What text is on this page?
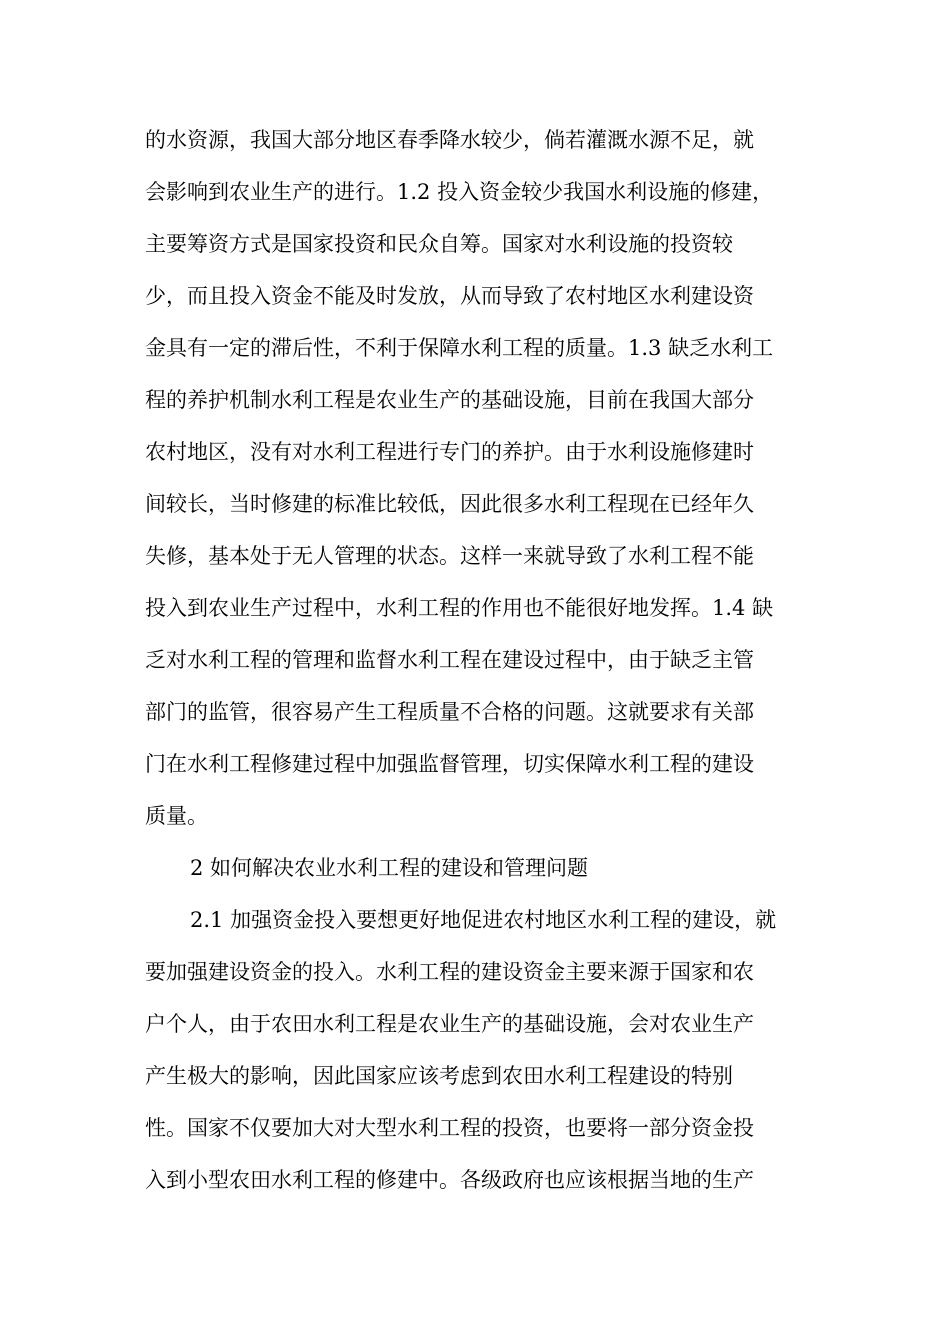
的水资源，我国大部分地区春季降水较少，倘若灌溉水源不足，就
会影响到农业生产的进行。1.2 投入资金较少我国水利设施的修建，
主要筹资方式是国家投资和民众自筹。国家对水利设施的投资较
少，而且投入资金不能及时发放，从而导致了农村地区水利建设资
金具有一定的滞后性，不利于保障水利工程的质量。1.3 缺乏水利工
程的养护机制水利工程是农业生产的基础设施，目前在我国大部分
农村地区，没有对水利工程进行专门的养护。由于水利设施修建时
间较长，当时修建的标准比较低，因此很多水利工程现在已经年久
失修，基本处于无人管理的状态。这样一来就导致了水利工程不能
投入到农业生产过程中，水利工程的作用也不能很好地发挥。1.4 缺
乏对水利工程的管理和监督水利工程在建设过程中，由于缺乏主管
部门的监管，很容易产生工程质量不合格的问题。这就要求有关部
门在水利工程修建过程中加强监督管理，切实保障水利工程的建设
质量。
2 如何解决农业水利工程的建设和管理问题
2.1 加强资金投入要想更好地促进农村地区水利工程的建设，就
要加强建设资金的投入。水利工程的建设资金主要来源于国家和农
户个人，由于农田水利工程是农业生产的基础设施，会对农业生产
产生极大的影响，因此国家应该考虑到农田水利工程建设的特别
性。国家不仅要加大对大型水利工程的投资，也要将一部分资金投
入到小型农田水利工程的修建中。各级政府也应该根据当地的生产
